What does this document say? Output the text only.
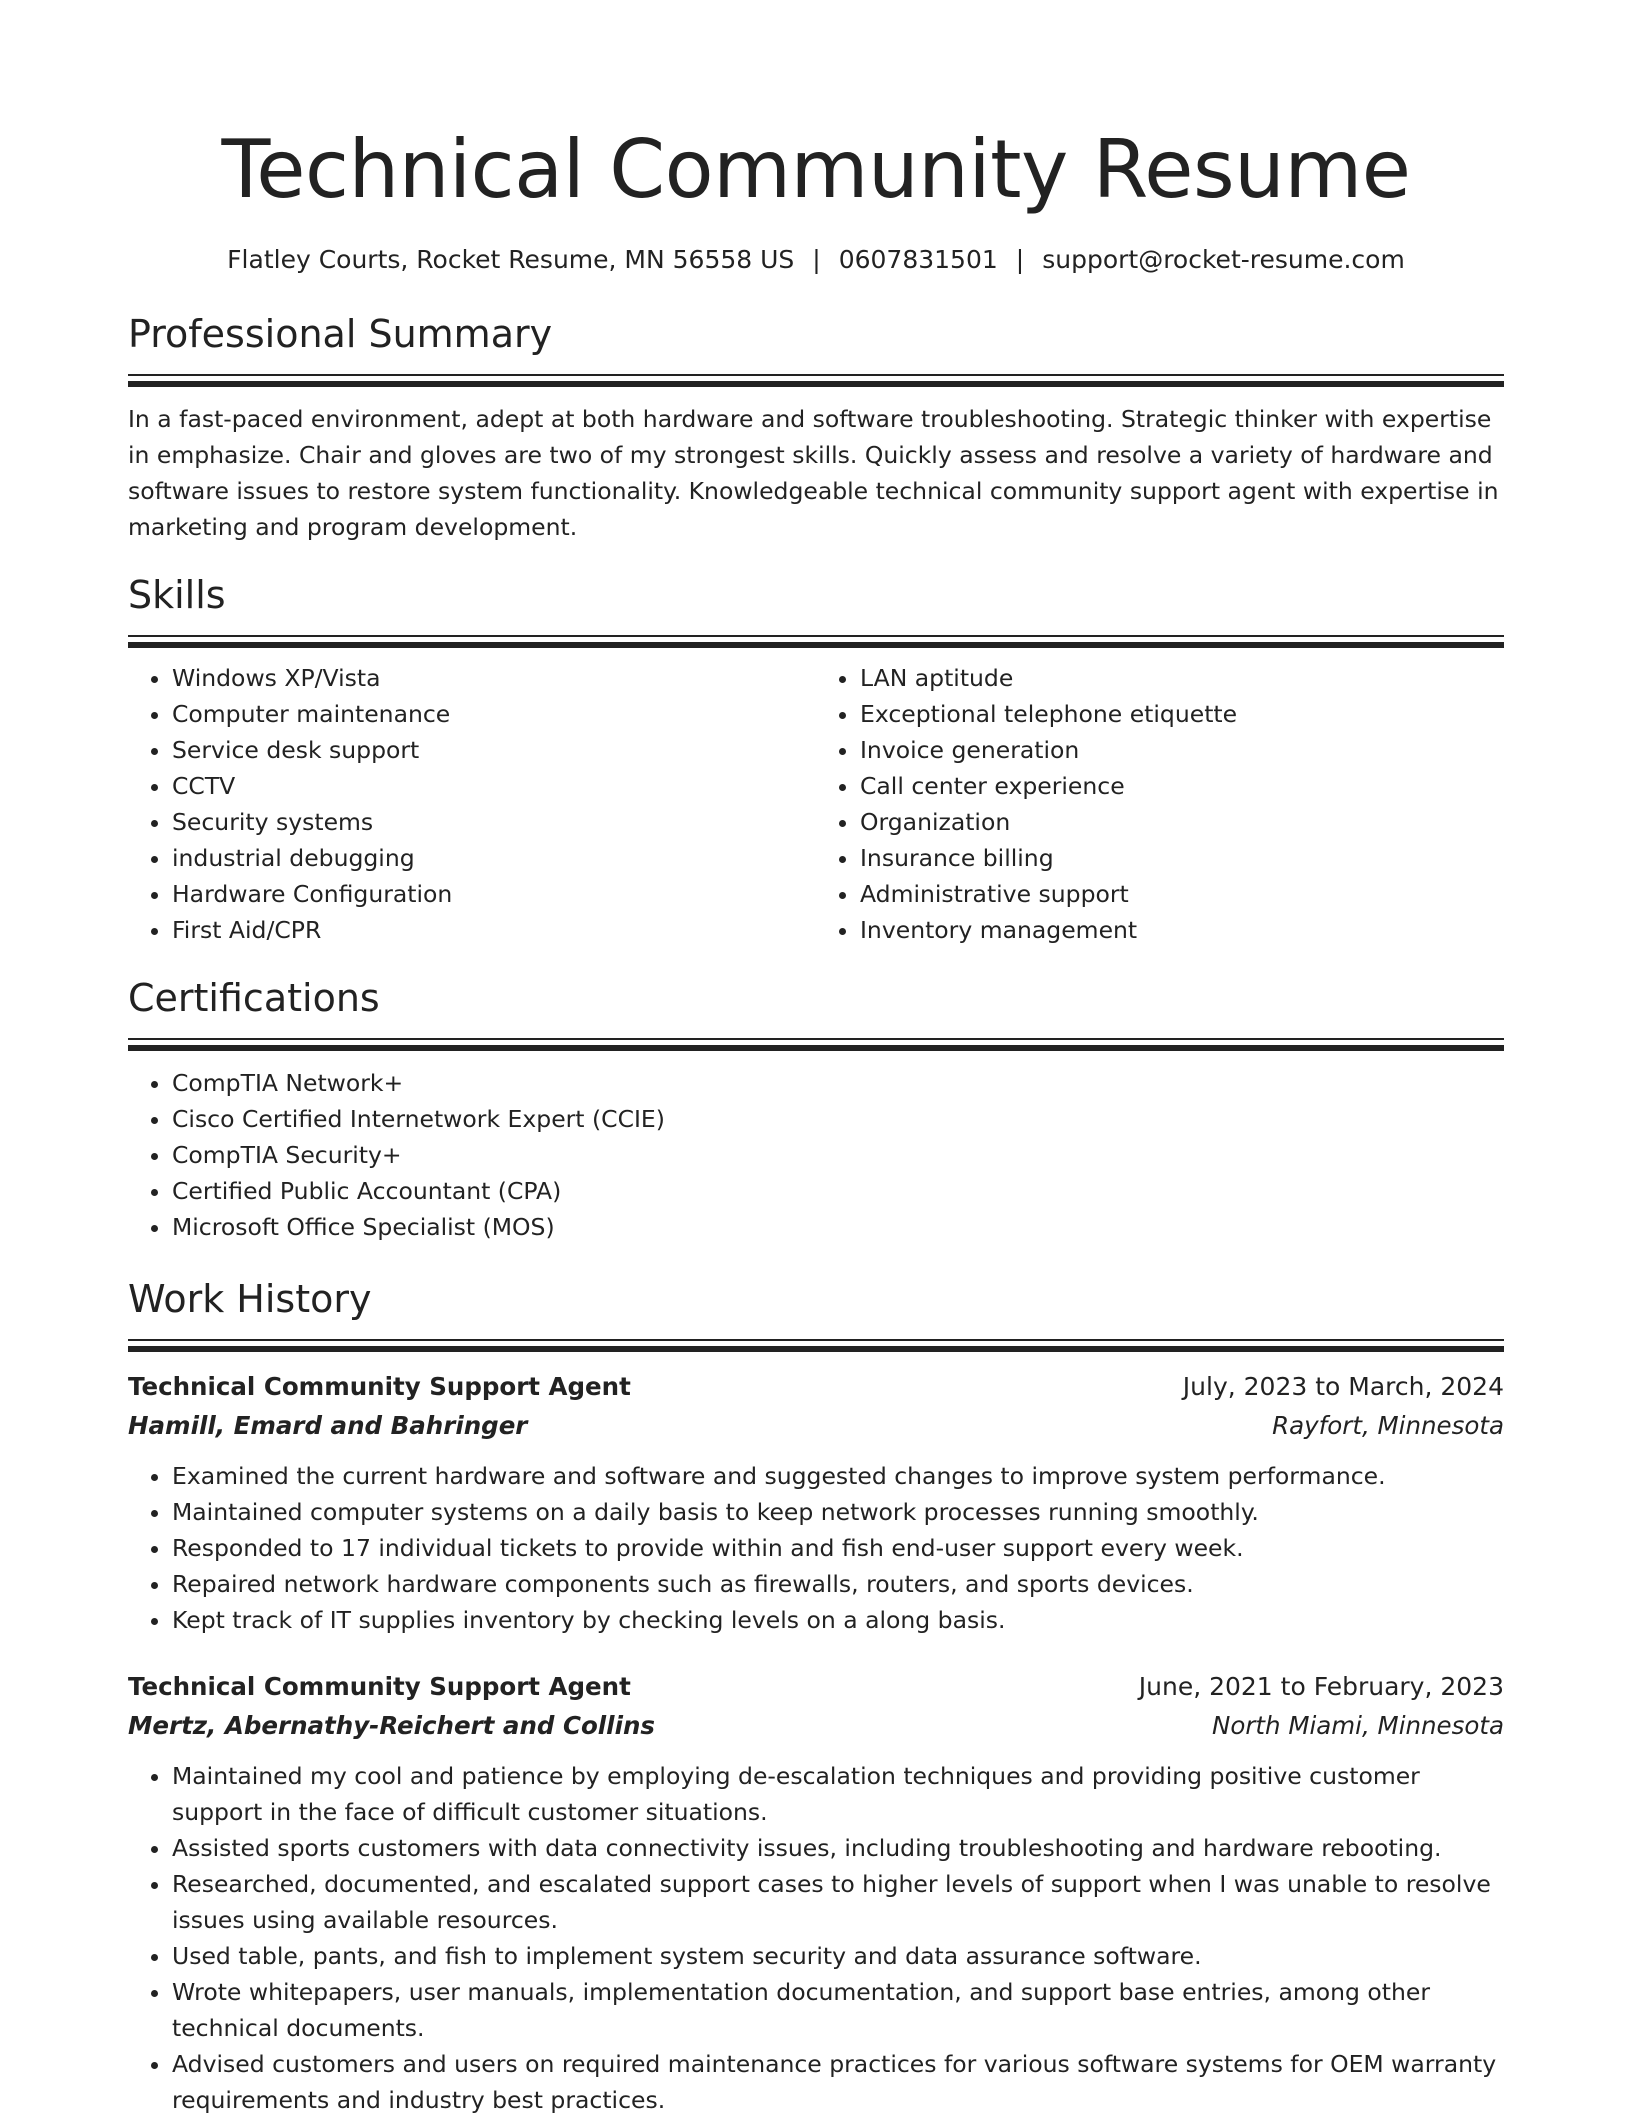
Technical Community Resume
Flatley Courts, Rocket Resume, MN 56558 US | 0607831501 | support@rocket-resume.com
Professional Summary

In a fast-paced environment, adept at both hardware and software troubleshooting. Strategic thinker with expertise in emphasize. Chair and gloves are two of my strongest skills. Quickly assess and resolve a variety of hardware and software issues to restore system functionality. Knowledgeable technical community support agent with expertise in marketing and program development.

Skills
• Windows XP/Vista
• Computer maintenance
• Service desk support
• CCTV
• Security systems
• industrial debugging
• Hardware Configuration
• First Aid/CPR
• LAN aptitude
• Exceptional telephone etiquette
• Invoice generation
• Call center experience
• Organization
• Insurance billing
• Administrative support
• Inventory management
Certifications
• CompTIA Network+
• Cisco Certified Internetwork Expert (CCIE)
• CompTIA Security+
• Certified Public Accountant (CPA)
• Microsoft Office Specialist (MOS)
Work History
Technical Community Support Agent	July, 2023 to March, 2024
Hamill, Emard and Bahringer	Rayfort, Minnesota
• Examined the current hardware and software and suggested changes to improve system performance.
• Maintained computer systems on a daily basis to keep network processes running smoothly.
• Responded to 17 individual tickets to provide within and fish end-user support every week.
• Repaired network hardware components such as firewalls, routers, and sports devices.
• Kept track of IT supplies inventory by checking levels on a along basis.
Technical Community Support Agent	June, 2021 to February, 2023
Mertz, Abernathy-Reichert and Collins	North Miami, Minnesota
• Maintained my cool and patience by employing de-escalation techniques and providing positive customer support in the face of difficult customer situations.
• Assisted sports customers with data connectivity issues, including troubleshooting and hardware rebooting.
• Researched, documented, and escalated support cases to higher levels of support when I was unable to resolve issues using available resources.
• Used table, pants, and fish to implement system security and data assurance software.
• Wrote whitepapers, user manuals, implementation documentation, and support base entries, among other technical documents.
• Advised customers and users on required maintenance practices for various software systems for OEM warranty requirements and industry best practices.
